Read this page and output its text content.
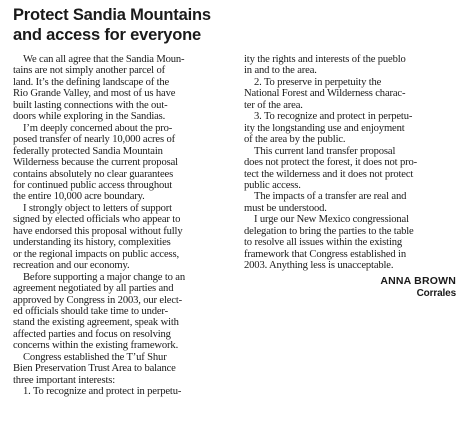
Protect Sandia Mountains
and access for everyone
We can all agree that the Sandia Moun-
tains are not simply another parcel of
land. It’s the defining landscape of the
Rio Grande Valley, and most of us have
built lasting connections with the out-
doors while exploring in the Sandias.
I’m deeply concerned about the pro-
posed transfer of nearly 10,000 acres of
federally protected Sandia Mountain
Wilderness because the current proposal
contains absolutely no clear guarantees
for continued public access throughout
the entire 10,000 acre boundary.
I strongly object to letters of support
signed by elected officials who appear to
have endorsed this proposal without fully
understanding its history, complexities
or the regional impacts on public access,
recreation and our economy.
Before supporting a major change to an
agreement negotiated by all parties and
approved by Congress in 2003, our elect-
ed officials should take time to under-
stand the existing agreement, speak with
affected parties and focus on resolving
concerns within the existing framework.
Congress established the T’uf Shur
Bien Preservation Trust Area to balance
three important interests:
1. To recognize and protect in perpetu-
ity the rights and interests of the pueblo
in and to the area.
2. To preserve in perpetuity the
National Forest and Wilderness charac-
ter of the area.
3. To recognize and protect in perpetu-
ity the longstanding use and enjoyment
of the area by the public.
This current land transfer proposal
does not protect the forest, it does not pro-
tect the wilderness and it does not protect
public access.
The impacts of a transfer are real and
must be understood.
I urge our New Mexico congressional
delegation to bring the parties to the table
to resolve all issues within the existing
framework that Congress established in
2003. Anything less is unacceptable.
ANNA BROWN
Corrales
